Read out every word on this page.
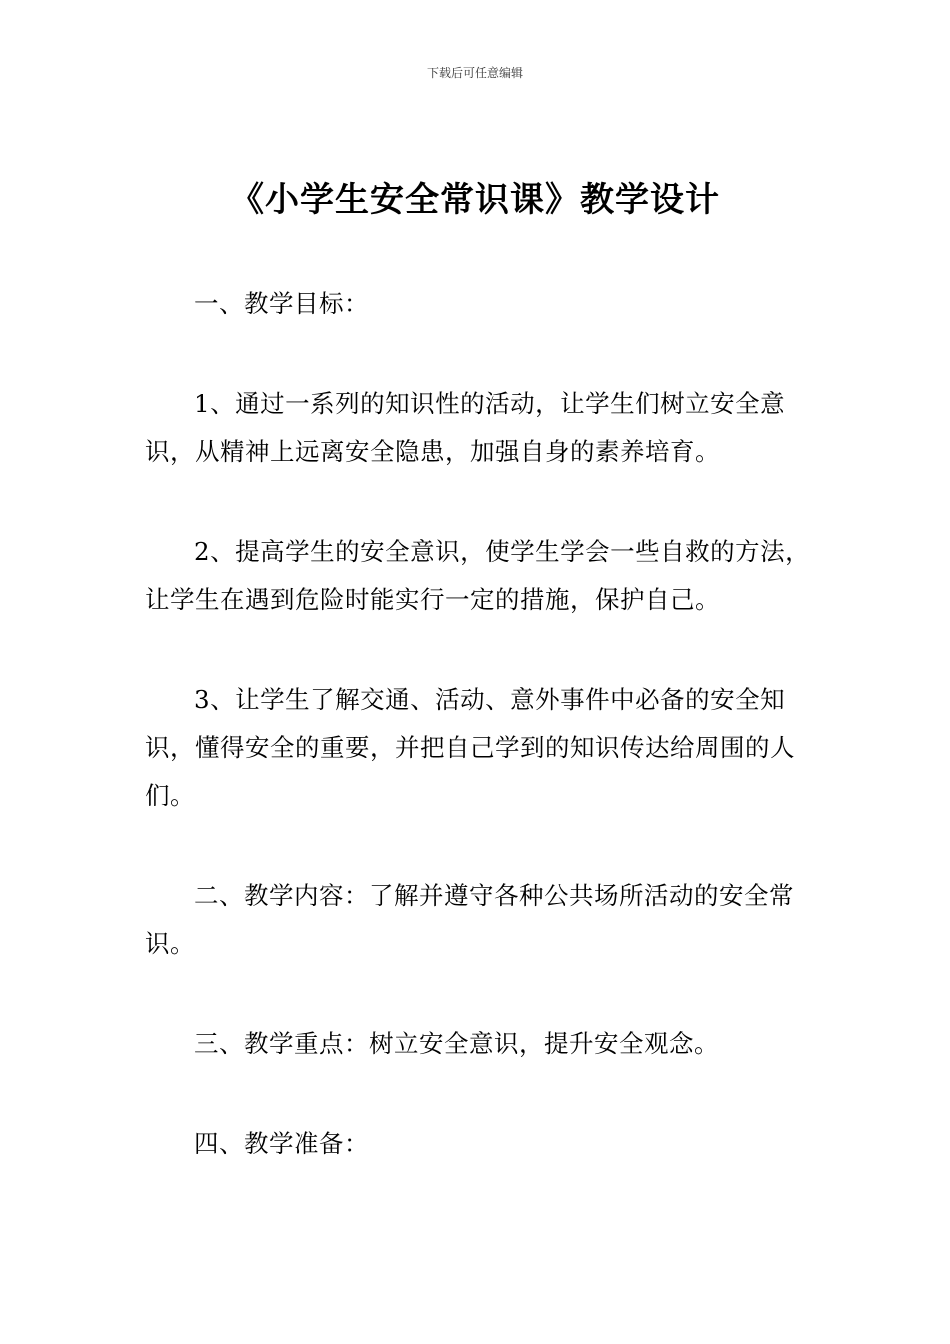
下载后可任意编辑
《小学生安全常识课》教学设计

一、教学目标：

1、通过一系列的知识性的活动，让学生们树立安全意识，从精神上远离安全隐患，加强自身的素养培育。

2、提高学生的安全意识，使学生学会一些自救的方法，让学生在遇到危险时能实行一定的措施，保护自己。

3、让学生了解交通、活动、意外事件中必备的安全知识，懂得安全的重要，并把自己学到的知识传达给周围的人们。

二、教学内容：了解并遵守各种公共场所活动的安全常识。

三、教学重点：树立安全意识，提升安全观念。

四、教学准备：
